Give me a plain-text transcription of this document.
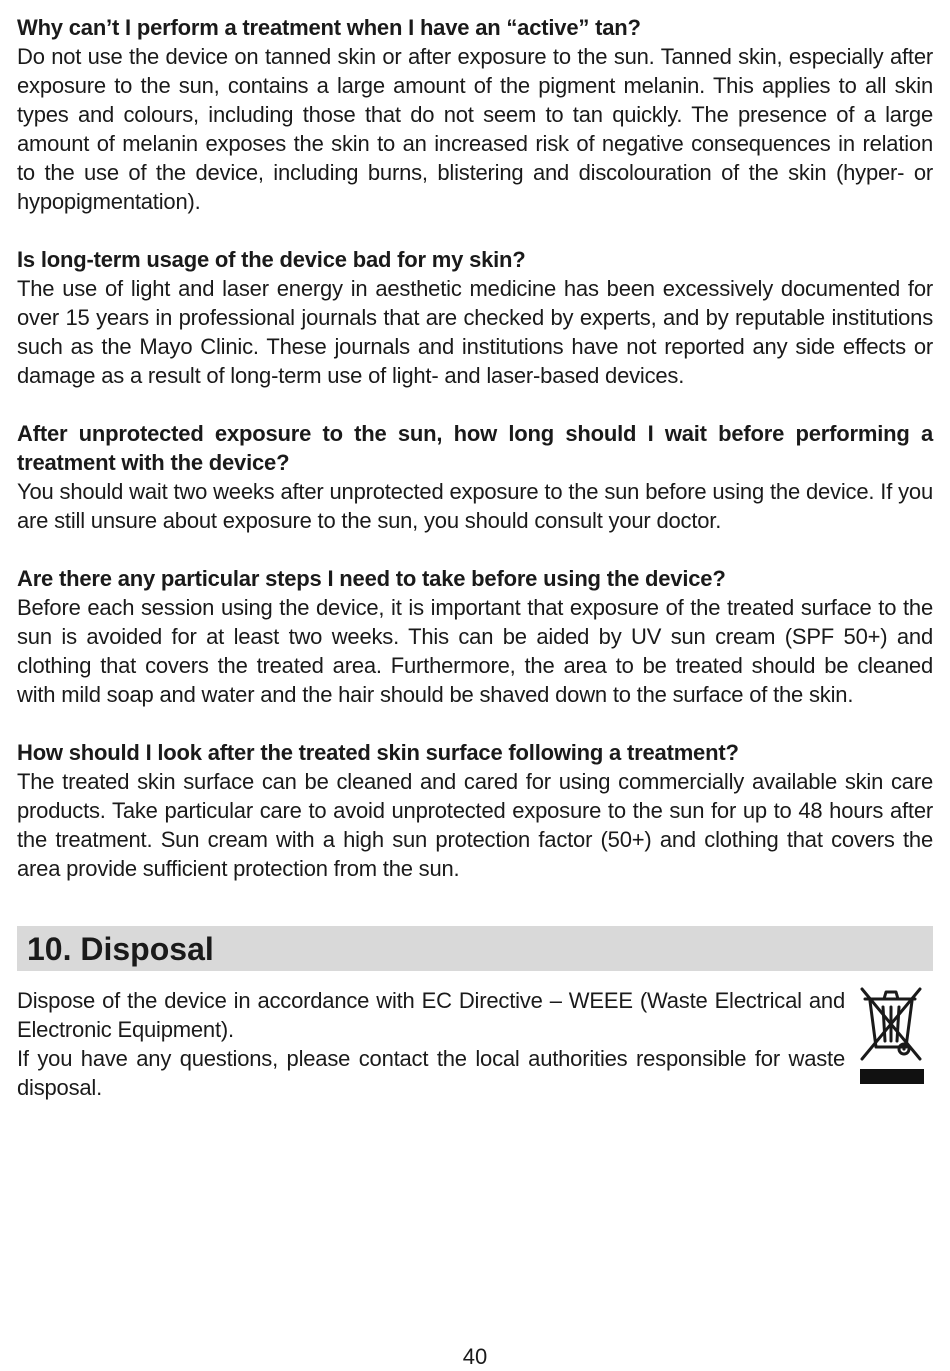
Why can’t I perform a treatment when I have an “active” tan?

Do not use the device on tanned skin or after exposure to the sun. Tanned skin, especially after exposure to the sun, contains a large amount of the pigment melanin. This applies to all skin types and colours, including those that do not seem to tan quickly. The presence of a large amount of melanin exposes the skin to an increased risk of negative consequences in relation to the use of the device, including burns, blistering and discolouration of the skin (hyper- or hypopigmentation).

Is long-term usage of the device bad for my skin?

The use of light and laser energy in aesthetic medicine has been excessively documented for over 15 years in professional journals that are checked by experts, and by reputable institutions such as the Mayo Clinic. These journals and institutions have not reported any side effects or damage as a result of long-term use of light- and laser-based devices.

After unprotected exposure to the sun, how long should I wait before performing a treatment with the device?

You should wait two weeks after unprotected exposure to the sun before using the device. If you are still unsure about exposure to the sun, you should consult your doctor.

Are there any particular steps I need to take before using the device?

Before each session using the device, it is important that exposure of the treated surface to the sun is avoided for at least two weeks. This can be aided by UV sun cream (SPF 50+) and clothing that covers the treated area. Furthermore, the area to be treated should be cleaned with mild soap and water and the hair should be shaved down to the surface of the skin.

How should I look after the treated skin surface following a treatment?

The treated skin surface can be cleaned and cared for using commercially available skin care products. Take particular care to avoid unprotected exposure to the sun for up to 48 hours after the treatment. Sun cream with a high sun protection factor (50+) and clothing that covers the area provide sufficient protection from the sun.

10. Disposal

Dispose of the device in accordance with EC Directive – WEEE (Waste Electrical and Electronic Equipment).

If you have any questions, please contact the local authorities responsible for waste disposal.

40
